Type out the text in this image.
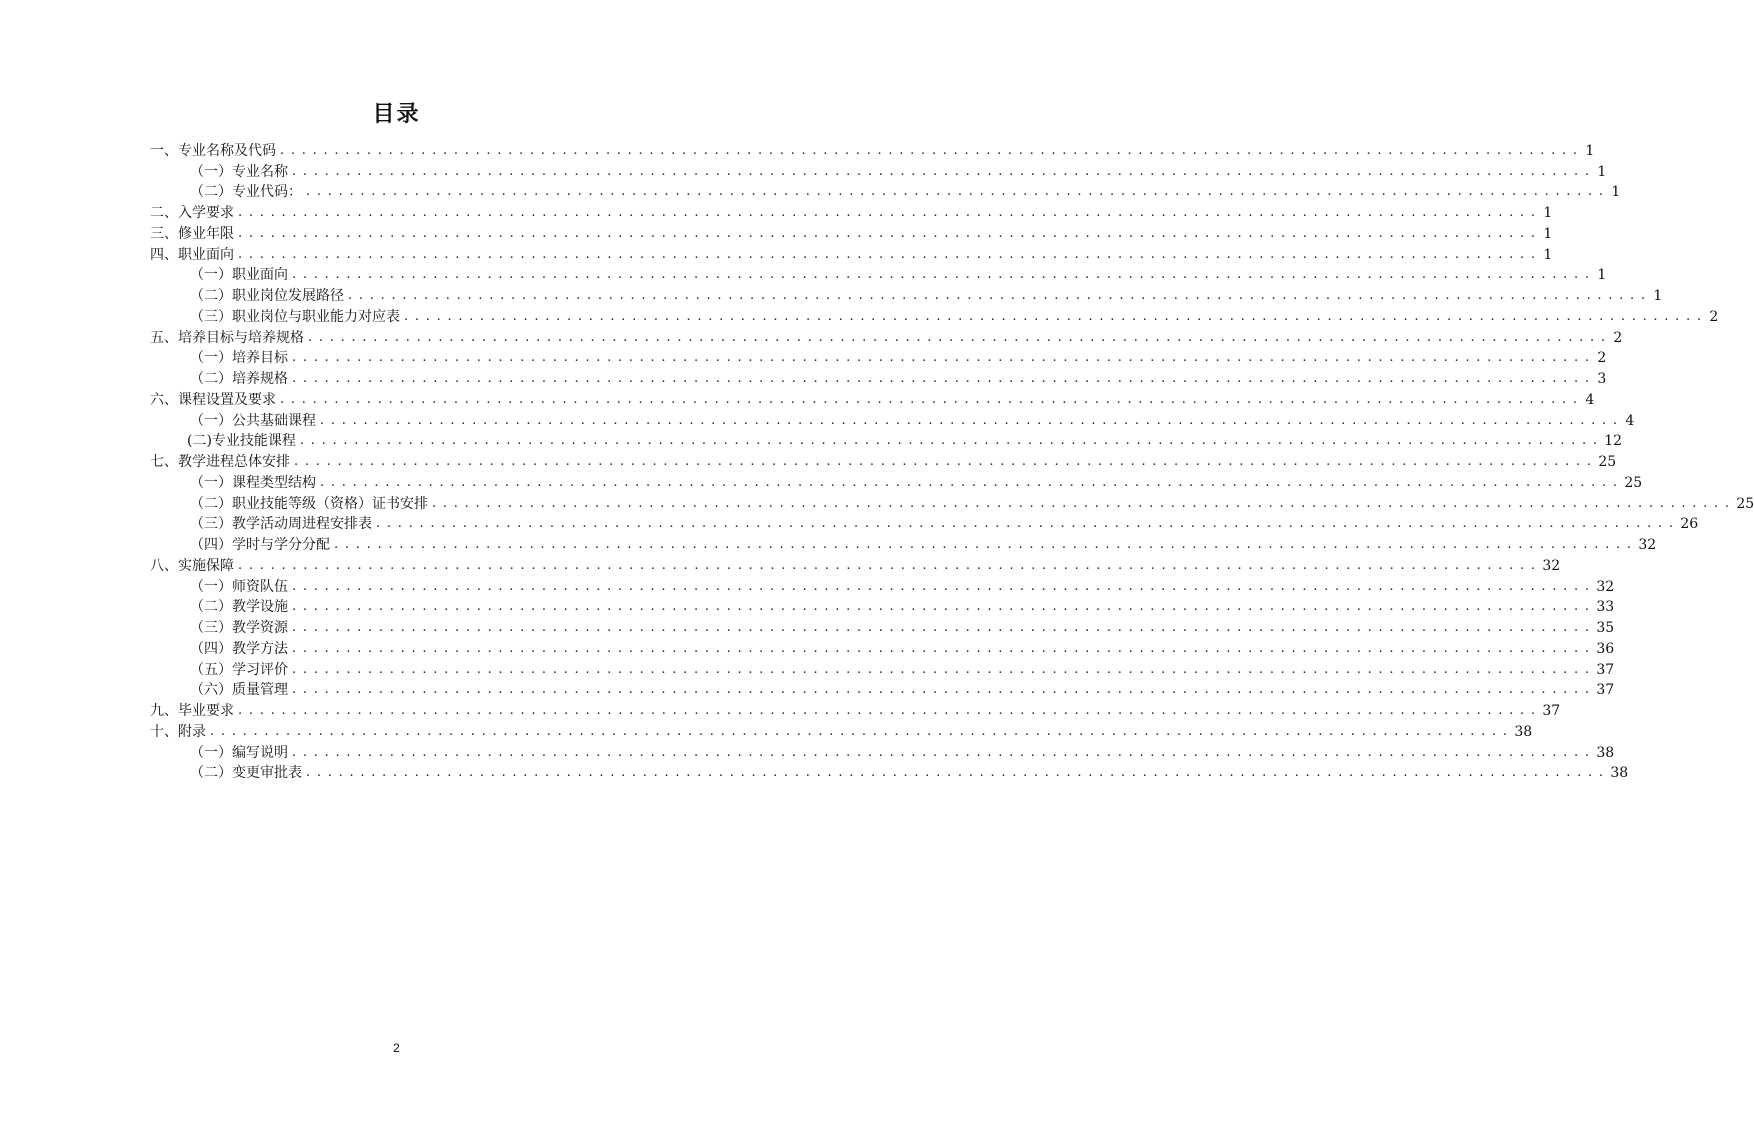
目录
一、专业名称及代码 . . . . . . . . . . . . . . . . . . . . . . . . . . . . . . . . . . . . . . . . . . . . . . . . . . . . . . . . . . . . . . . . . . . . . . . . . . . . . . . . . . . . . . . . . . . . . . . . . . . . . . . . . . . . . . . . . . . . . . . . 1
（一）专业名称 . . . . . . . . . . . . . . . . . . . . . . . . . . . . . . . . . . . . . . . . . . . . . . . . . . . . . . . . . . . . . . . . . . . . . . . . . . . . . . . . . . . . . . . . . . . . . . . . . . . . . . . . . . . . . . . . . . . . . . . . 1
（二）专业代码： . . . . . . . . . . . . . . . . . . . . . . . . . . . . . . . . . . . . . . . . . . . . . . . . . . . . . . . . . . . . . . . . . . . . . . . . . . . . . . . . . . . . . . . . . . . . . . . . . . . . . . . . . . . . . . . . . . . . . . . . 1
二、入学要求 . . . . . . . . . . . . . . . . . . . . . . . . . . . . . . . . . . . . . . . . . . . . . . . . . . . . . . . . . . . . . . . . . . . . . . . . . . . . . . . . . . . . . . . . . . . . . . . . . . . . . . . . . . . . . . . . . . . . . . . . 1
三、修业年限 . . . . . . . . . . . . . . . . . . . . . . . . . . . . . . . . . . . . . . . . . . . . . . . . . . . . . . . . . . . . . . . . . . . . . . . . . . . . . . . . . . . . . . . . . . . . . . . . . . . . . . . . . . . . . . . . . . . . . . . . 1
四、职业面向 . . . . . . . . . . . . . . . . . . . . . . . . . . . . . . . . . . . . . . . . . . . . . . . . . . . . . . . . . . . . . . . . . . . . . . . . . . . . . . . . . . . . . . . . . . . . . . . . . . . . . . . . . . . . . . . . . . . . . . . . 1
（一）职业面向 . . . . . . . . . . . . . . . . . . . . . . . . . . . . . . . . . . . . . . . . . . . . . . . . . . . . . . . . . . . . . . . . . . . . . . . . . . . . . . . . . . . . . . . . . . . . . . . . . . . . . . . . . . . . . . . . . . . . . . . . 1
（二）职业岗位发展路径 . . . . . . . . . . . . . . . . . . . . . . . . . . . . . . . . . . . . . . . . . . . . . . . . . . . . . . . . . . . . . . . . . . . . . . . . . . . . . . . . . . . . . . . . . . . . . . . . . . . . . . . . . . . . . . . . . . . . . . . . 1
（三）职业岗位与职业能力对应表 . . . . . . . . . . . . . . . . . . . . . . . . . . . . . . . . . . . . . . . . . . . . . . . . . . . . . . . . . . . . . . . . . . . . . . . . . . . . . . . . . . . . . . . . . . . . . . . . . . . . . . . . . . . . . . . . . . . . . . . . 2
五、培养目标与培养规格 . . . . . . . . . . . . . . . . . . . . . . . . . . . . . . . . . . . . . . . . . . . . . . . . . . . . . . . . . . . . . . . . . . . . . . . . . . . . . . . . . . . . . . . . . . . . . . . . . . . . . . . . . . . . . . . . . . . . . . . . 2
（一）培养目标 . . . . . . . . . . . . . . . . . . . . . . . . . . . . . . . . . . . . . . . . . . . . . . . . . . . . . . . . . . . . . . . . . . . . . . . . . . . . . . . . . . . . . . . . . . . . . . . . . . . . . . . . . . . . . . . . . . . . . . . . 2
（二）培养规格 . . . . . . . . . . . . . . . . . . . . . . . . . . . . . . . . . . . . . . . . . . . . . . . . . . . . . . . . . . . . . . . . . . . . . . . . . . . . . . . . . . . . . . . . . . . . . . . . . . . . . . . . . . . . . . . . . . . . . . . . 3
六、课程设置及要求 . . . . . . . . . . . . . . . . . . . . . . . . . . . . . . . . . . . . . . . . . . . . . . . . . . . . . . . . . . . . . . . . . . . . . . . . . . . . . . . . . . . . . . . . . . . . . . . . . . . . . . . . . . . . . . . . . . . . . . . . 4
（一）公共基础课程 . . . . . . . . . . . . . . . . . . . . . . . . . . . . . . . . . . . . . . . . . . . . . . . . . . . . . . . . . . . . . . . . . . . . . . . . . . . . . . . . . . . . . . . . . . . . . . . . . . . . . . . . . . . . . . . . . . . . . . . . 4
(二)专业技能课程 . . . . . . . . . . . . . . . . . . . . . . . . . . . . . . . . . . . . . . . . . . . . . . . . . . . . . . . . . . . . . . . . . . . . . . . . . . . . . . . . . . . . . . . . . . . . . . . . . . . . . . . . . . . . . . . . . . . . . . . . 12
七、教学进程总体安排 . . . . . . . . . . . . . . . . . . . . . . . . . . . . . . . . . . . . . . . . . . . . . . . . . . . . . . . . . . . . . . . . . . . . . . . . . . . . . . . . . . . . . . . . . . . . . . . . . . . . . . . . . . . . . . . . . . . . . . . . 25
（一）课程类型结构 . . . . . . . . . . . . . . . . . . . . . . . . . . . . . . . . . . . . . . . . . . . . . . . . . . . . . . . . . . . . . . . . . . . . . . . . . . . . . . . . . . . . . . . . . . . . . . . . . . . . . . . . . . . . . . . . . . . . . . . . 25
（二）职业技能等级（资格）证书安排 . . . . . . . . . . . . . . . . . . . . . . . . . . . . . . . . . . . . . . . . . . . . . . . . . . . . . . . . . . . . . . . . . . . . . . . . . . . . . . . . . . . . . . . . . . . . . . . . . . . . . . . . . . . . . . . . . . . . . . . . 25
（三）教学活动周进程安排表 . . . . . . . . . . . . . . . . . . . . . . . . . . . . . . . . . . . . . . . . . . . . . . . . . . . . . . . . . . . . . . . . . . . . . . . . . . . . . . . . . . . . . . . . . . . . . . . . . . . . . . . . . . . . . . . . . . . . . . . . 26
（四）学时与学分分配 . . . . . . . . . . . . . . . . . . . . . . . . . . . . . . . . . . . . . . . . . . . . . . . . . . . . . . . . . . . . . . . . . . . . . . . . . . . . . . . . . . . . . . . . . . . . . . . . . . . . . . . . . . . . . . . . . . . . . . . . 32
八、实施保障 . . . . . . . . . . . . . . . . . . . . . . . . . . . . . . . . . . . . . . . . . . . . . . . . . . . . . . . . . . . . . . . . . . . . . . . . . . . . . . . . . . . . . . . . . . . . . . . . . . . . . . . . . . . . . . . . . . . . . . . . 32
（一）师资队伍 . . . . . . . . . . . . . . . . . . . . . . . . . . . . . . . . . . . . . . . . . . . . . . . . . . . . . . . . . . . . . . . . . . . . . . . . . . . . . . . . . . . . . . . . . . . . . . . . . . . . . . . . . . . . . . . . . . . . . . . . 32
（二）教学设施 . . . . . . . . . . . . . . . . . . . . . . . . . . . . . . . . . . . . . . . . . . . . . . . . . . . . . . . . . . . . . . . . . . . . . . . . . . . . . . . . . . . . . . . . . . . . . . . . . . . . . . . . . . . . . . . . . . . . . . . . 33
（三）教学资源 . . . . . . . . . . . . . . . . . . . . . . . . . . . . . . . . . . . . . . . . . . . . . . . . . . . . . . . . . . . . . . . . . . . . . . . . . . . . . . . . . . . . . . . . . . . . . . . . . . . . . . . . . . . . . . . . . . . . . . . . 35
（四）教学方法 . . . . . . . . . . . . . . . . . . . . . . . . . . . . . . . . . . . . . . . . . . . . . . . . . . . . . . . . . . . . . . . . . . . . . . . . . . . . . . . . . . . . . . . . . . . . . . . . . . . . . . . . . . . . . . . . . . . . . . . . 36
（五）学习评价 . . . . . . . . . . . . . . . . . . . . . . . . . . . . . . . . . . . . . . . . . . . . . . . . . . . . . . . . . . . . . . . . . . . . . . . . . . . . . . . . . . . . . . . . . . . . . . . . . . . . . . . . . . . . . . . . . . . . . . . . 37
（六）质量管理 . . . . . . . . . . . . . . . . . . . . . . . . . . . . . . . . . . . . . . . . . . . . . . . . . . . . . . . . . . . . . . . . . . . . . . . . . . . . . . . . . . . . . . . . . . . . . . . . . . . . . . . . . . . . . . . . . . . . . . . . 37
九、毕业要求 . . . . . . . . . . . . . . . . . . . . . . . . . . . . . . . . . . . . . . . . . . . . . . . . . . . . . . . . . . . . . . . . . . . . . . . . . . . . . . . . . . . . . . . . . . . . . . . . . . . . . . . . . . . . . . . . . . . . . . . . 37
十、附录 . . . . . . . . . . . . . . . . . . . . . . . . . . . . . . . . . . . . . . . . . . . . . . . . . . . . . . . . . . . . . . . . . . . . . . . . . . . . . . . . . . . . . . . . . . . . . . . . . . . . . . . . . . . . . . . . . . . . . . . . 38
（一）编写说明 . . . . . . . . . . . . . . . . . . . . . . . . . . . . . . . . . . . . . . . . . . . . . . . . . . . . . . . . . . . . . . . . . . . . . . . . . . . . . . . . . . . . . . . . . . . . . . . . . . . . . . . . . . . . . . . . . . . . . . . . 38
（二）变更审批表 . . . . . . . . . . . . . . . . . . . . . . . . . . . . . . . . . . . . . . . . . . . . . . . . . . . . . . . . . . . . . . . . . . . . . . . . . . . . . . . . . . . . . . . . . . . . . . . . . . . . . . . . . . . . . . . . . . . . . . . . 38
2
